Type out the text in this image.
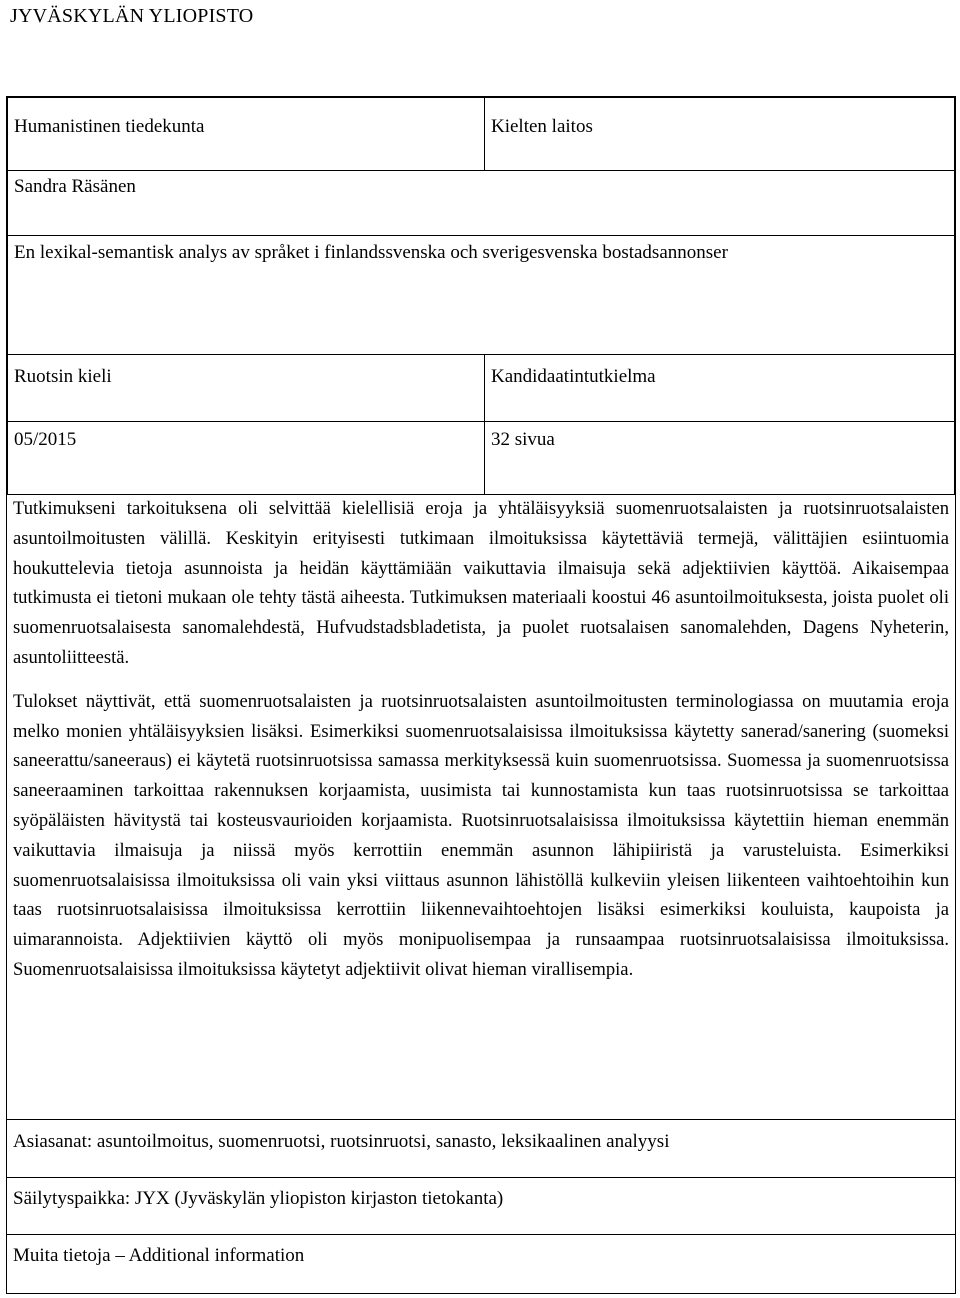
JYVÄSKYLÄN YLIOPISTO
Humanistinen tiedekunta	Kielten laitos
Sandra Räsänen
En lexikal-semantisk analys av språket i finlandssvenska och sverigesvenska bostadsannonser
Ruotsin kieli	Kandidaatintutkielma
05/2015	32 sivua

Tutkimukseni tarkoituksena oli selvittää kielellisiä eroja ja yhtäläisyyksiä suomenruotsalaisten ja ruotsinruotsalaisten asuntoilmoitusten välillä. Keskityin erityisesti tutkimaan ilmoituksissa käytettäviä termejä, välittäjien esiintuomia houkuttelevia tietoja asunnoista ja heidän käyttämiään vaikuttavia ilmaisuja sekä adjektiivien käyttöä. Aikaisempaa tutkimusta ei tietoni mukaan ole tehty tästä aiheesta. Tutkimuksen materiaali koostui 46 asuntoilmoituksesta, joista puolet oli suomenruotsalaisesta sanomalehdestä, Hufvudstadsbladetista, ja puolet ruotsalaisen sanomalehden, Dagens Nyheterin, asuntoliitteestä.

Tulokset näyttivät, että suomenruotsalaisten ja ruotsinruotsalaisten asuntoilmoitusten terminologiassa on muutamia eroja melko monien yhtäläisyyksien lisäksi. Esimerkiksi suomenruotsalaisissa ilmoituksissa käytetty sanerad/sanering (suomeksi saneerattu/saneeraus) ei käytetä ruotsinruotsissa samassa merkityksessä kuin suomenruotsissa. Suomessa ja suomenruotsissa saneeraaminen tarkoittaa rakennuksen korjaamista, uusimista tai kunnostamista kun taas ruotsinruotsissa se tarkoittaa syöpäläisten hävitystä tai kosteusvaurioiden korjaamista. Ruotsinruotsalaisissa ilmoituksissa käytettiin hieman enemmän vaikuttavia ilmaisuja ja niissä myös kerrottiin enemmän asunnon lähipiiristä ja varusteluista. Esimerkiksi suomenruotsalaisissa ilmoituksissa oli vain yksi viittaus asunnon lähistöllä kulkeviin yleisen liikenteen vaihtoehtoihin kun taas ruotsinruotsalaisissa ilmoituksissa kerrottiin liikennevaihtoehtojen lisäksi esimerkiksi kouluista, kaupoista ja uimarannoista. Adjektiivien käyttö oli myös monipuolisempaa ja runsaampaa ruotsinruotsalaisissa ilmoituksissa. Suomenruotsalaisissa ilmoituksissa käytetyt adjektiivit olivat hieman virallisempia.

Asiasanat: asuntoilmoitus, suomenruotsi, ruotsinruotsi, sanasto, leksikaalinen analyysi
Säilytyspaikka: JYX (Jyväskylän yliopiston kirjaston tietokanta)
Muita tietoja – Additional information
